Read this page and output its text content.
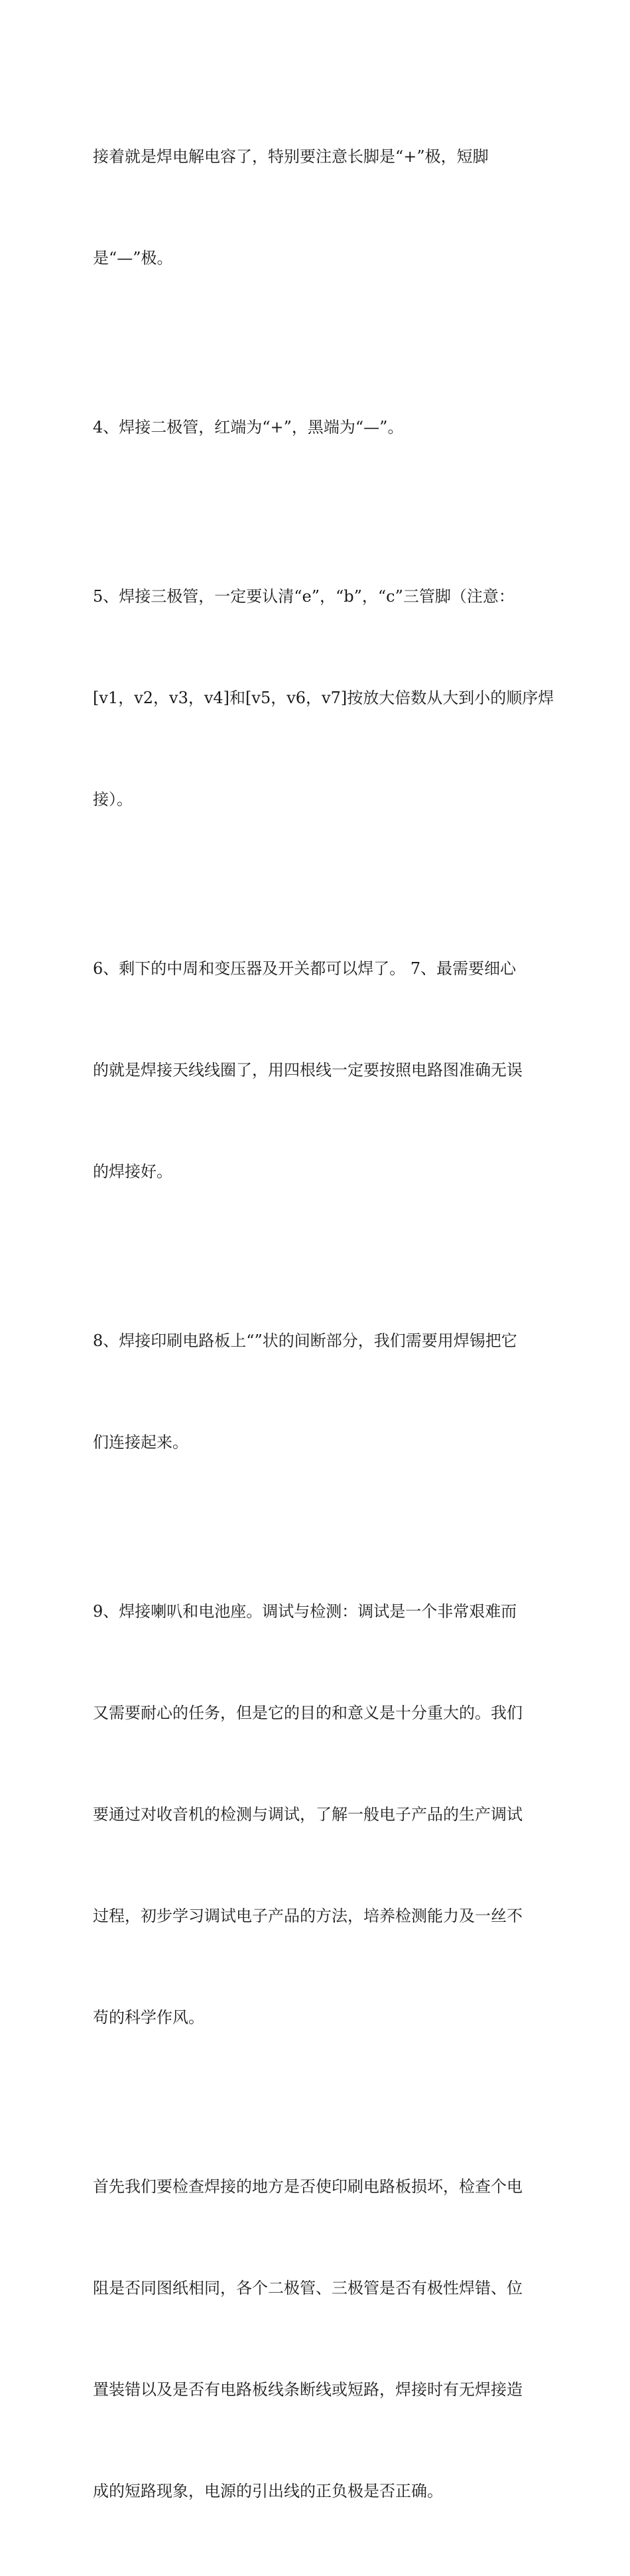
接着就是焊电解电容了，特别要注意长脚是“+”极，短脚

是“—”极。

4、焊接二极管，红端为“+”，黑端为“—”。

5、焊接三极管，一定要认清“e”，“b”，“c”三管脚（注意：

[v1，v2，v3，v4]和[v5，v6，v7]按放大倍数从大到小的顺序焊

接）。

6、剩下的中周和变压器及开关都可以焊了。 7、最需要细心

的就是焊接天线线圈了，用四根线一定要按照电路图准确无误

的焊接好。

8、焊接印刷电路板上“”状的间断部分，我们需要用焊锡把它

们连接起来。

9、焊接喇叭和电池座。调试与检测：调试是一个非常艰难而

又需要耐心的任务，但是它的目的和意义是十分重大的。我们

要通过对收音机的检测与调试，了解一般电子产品的生产调试

过程，初步学习调试电子产品的方法，培养检测能力及一丝不

苟的科学作风。

首先我们要检查焊接的地方是否使印刷电路板损坏，检查个电

阻是否同图纸相同，各个二极管、三极管是否有极性焊错、位

置装错以及是否有电路板线条断线或短路，焊接时有无焊接造

成的短路现象，电源的引出线的正负极是否正确。
